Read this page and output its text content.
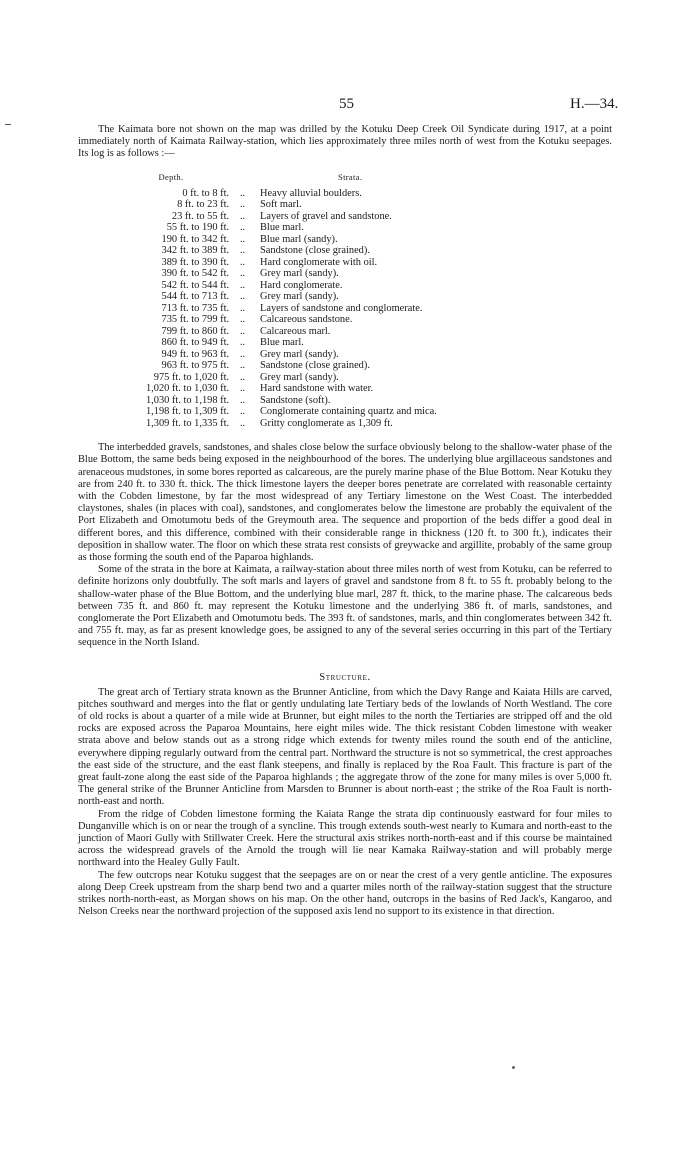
55	H.—34.

The Kaimata bore not shown on the map was drilled by the Kotuku Deep Creek Oil Syndicate during 1917, at a point immediately north of Kaimata Railway-station, which lies approximately three miles north of west from the Kotuku seepages. Its log is as follows :—

Depth.		Strata.
0 ft. to 8 ft.	..	Heavy alluvial boulders.
8 ft. to 23 ft.	..	Soft marl.
23 ft. to 55 ft.	..	Layers of gravel and sandstone.
55 ft. to 190 ft.	..	Blue marl.
190 ft. to 342 ft.	..	Blue marl (sandy).
342 ft. to 389 ft.	..	Sandstone (close grained).
389 ft. to 390 ft.	..	Hard conglomerate with oil.
390 ft. to 542 ft.	..	Grey marl (sandy).
542 ft. to 544 ft.	..	Hard conglomerate.
544 ft. to 713 ft.	..	Grey marl (sandy).
713 ft. to 735 ft.	..	Layers of sandstone and conglomerate.
735 ft. to 799 ft.	..	Calcareous sandstone.
799 ft. to 860 ft.	..	Calcareous marl.
860 ft. to 949 ft.	..	Blue marl.
949 ft. to 963 ft.	..	Grey marl (sandy).
963 ft. to 975 ft.	..	Sandstone (close grained).
975 ft. to 1,020 ft.	..	Grey marl (sandy).
1,020 ft. to 1,030 ft.	..	Hard sandstone with water.
1,030 ft. to 1,198 ft.	..	Sandstone (soft).
1,198 ft. to 1,309 ft.	..	Conglomerate containing quartz and mica.
1,309 ft. to 1,335 ft.	..	Gritty conglomerate as 1,309 ft.

The interbedded gravels, sandstones, and shales close below the surface obviously belong to the shallow-water phase of the Blue Bottom, the same beds being exposed in the neighbourhood of the bores. The underlying blue argillaceous sandstones and arenaceous mudstones, in some bores reported as calcareous, are the purely marine phase of the Blue Bottom. Near Kotuku they are from 240 ft. to 330 ft. thick. The thick limestone layers the deeper bores penetrate are correlated with reasonable certainty with the Cobden limestone, by far the most widespread of any Tertiary limestone on the West Coast. The interbedded claystones, shales (in places with coal), sandstones, and conglomerates below the limestone are probably the equivalent of the Port Elizabeth and Omotumotu beds of the Greymouth area. The sequence and proportion of the beds differ a good deal in different bores, and this difference, combined with their considerable range in thickness (120 ft. to 300 ft.), indicates their deposition in shallow water. The floor on which these strata rest consists of greywacke and argillite, probably of the same group as those forming the south end of the Paparoa highlands.

Some of the strata in the bore at Kaimata, a railway-station about three miles north of west from Kotuku, can be referred to definite horizons only doubtfully. The soft marls and layers of gravel and sandstone from 8 ft. to 55 ft. probably belong to the shallow-water phase of the Blue Bottom, and the underlying blue marl, 287 ft. thick, to the marine phase. The calcareous beds between 735 ft. and 860 ft. may represent the Kotuku limestone and the underlying 386 ft. of marls, sandstones, and conglomerate the Port Elizabeth and Omotumotu beds. The 393 ft. of sandstones, marls, and thin conglomerates between 342 ft. and 755 ft. may, as far as present knowledge goes, be assigned to any of the several series occurring in this part of the Tertiary sequence in the North Island.

Structure.

The great arch of Tertiary strata known as the Brunner Anticline, from which the Davy Range and Kaiata Hills are carved, pitches southward and merges into the flat or gently undulating late Tertiary beds of the lowlands of North Westland. The core of old rocks is about a quarter of a mile wide at Brunner, but eight miles to the north the Tertiaries are stripped off and the old rocks are exposed across the Paparoa Mountains, here eight miles wide. The thick resistant Cobden limestone with weaker strata above and below stands out as a strong ridge which extends for twenty miles round the south end of the anticline, everywhere dipping regularly outward from the central part. Northward the structure is not so symmetrical, the crest approaches the east side of the structure, and the east flank steepens, and finally is replaced by the Roa Fault. This fracture is part of the great fault-zone along the east side of the Paparoa highlands ; the aggregate throw of the zone for many miles is over 5,000 ft. The general strike of the Brunner Anticline from Marsden to Brunner is about north-east ; the strike of the Roa Fault is north-north-east and north.

From the ridge of Cobden limestone forming the Kaiata Range the strata dip continuously eastward for four miles to Dunganville which is on or near the trough of a syncline. This trough extends south-west nearly to Kumara and north-east to the junction of Maori Gully with Stillwater Creek. Here the structural axis strikes north-north-east and if this course be maintained across the widespread gravels of the Arnold the trough will lie near Kamaka Railway-station and will probably merge northward into the Healey Gully Fault.

The few outcrops near Kotuku suggest that the seepages are on or near the crest of a very gentle anticline. The exposures along Deep Creek upstream from the sharp bend two and a quarter miles north of the railway-station suggest that the structure strikes north-north-east, as Morgan shows on his map. On the other hand, outcrops in the basins of Red Jack's, Kangaroo, and Nelson Creeks near the northward projection of the supposed axis lend no support to its existence in that direction.
